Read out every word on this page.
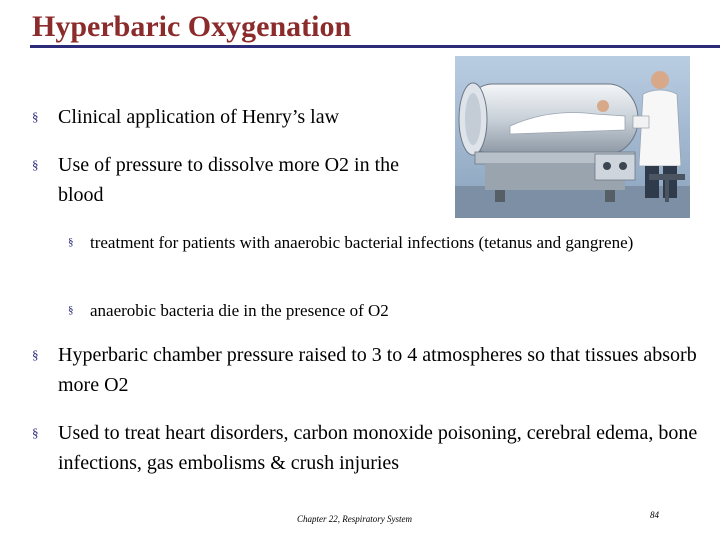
Hyperbaric Oxygenation
§ Clinical application of Henry’s law
§ Use of pressure to dissolve more O2 in the blood
§ treatment for patients with anaerobic bacterial infections (tetanus and gangrene)
§ anaerobic bacteria die in the presence of O2
§ Hyperbaric chamber pressure raised to 3 to 4 atmospheres so that tissues absorb more O2
§ Used to treat heart disorders, carbon monoxide poisoning, cerebral edema, bone infections, gas embolisms & crush injuries
Chapter 22, Respiratory System	84
